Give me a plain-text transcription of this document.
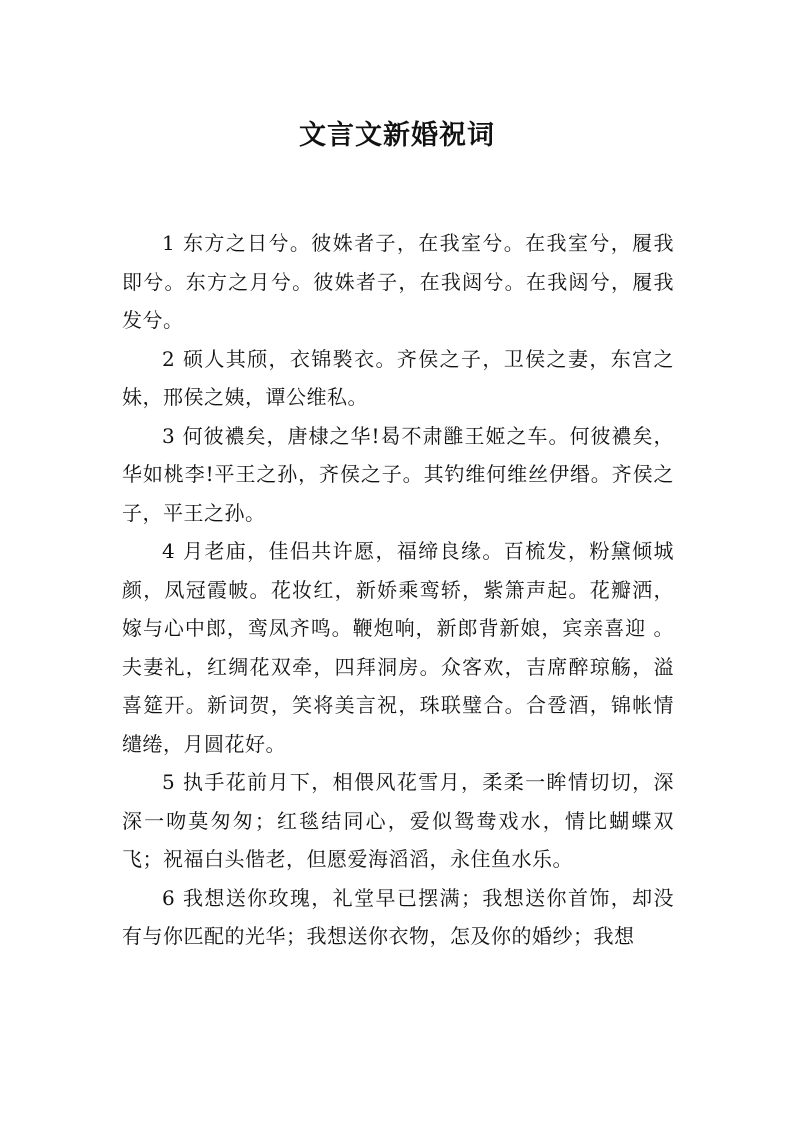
文言文新婚祝词

1 东方之日兮。彼姝者子，在我室兮。在我室兮，履我即兮。东方之月兮。彼姝者子，在我闼兮。在我闼兮，履我发兮。

2 硕人其颀，衣锦褧衣。齐侯之子，卫侯之妻，东宫之妹，邢侯之姨，谭公维私。

3 何彼襛矣，唐棣之华!曷不肃雝王姬之车。何彼襛矣，华如桃李!平王之孙，齐侯之子。其钓维何维丝伊缗。齐侯之子，平王之孙。

4 月老庙，佳侣共许愿，福缔良缘。百梳发，粉黛倾城颜，凤冠霞帔。花妆红，新娇乘鸾轿，紫箫声起。花瓣洒，嫁与心中郎，鸾凤齐鸣。鞭炮响，新郎背新娘，宾亲喜迎 。夫妻礼，红绸花双牵，四拜洞房。众客欢，吉席醉琼觞，溢喜筵开。新词贺，笑将美言祝，珠联璧合。合卺酒，锦帐情缱绻，月圆花好。

5 执手花前月下，相偎风花雪月，柔柔一眸情切切，深深一吻莫匆匆；红毯结同心，爱似鸳鸯戏水，情比蝴蝶双飞；祝福白头偕老，但愿爱海滔滔，永住鱼水乐。

6 我想送你玫瑰，礼堂早已摆满；我想送你首饰，却没有与你匹配的光华；我想送你衣物，怎及你的婚纱；我想
